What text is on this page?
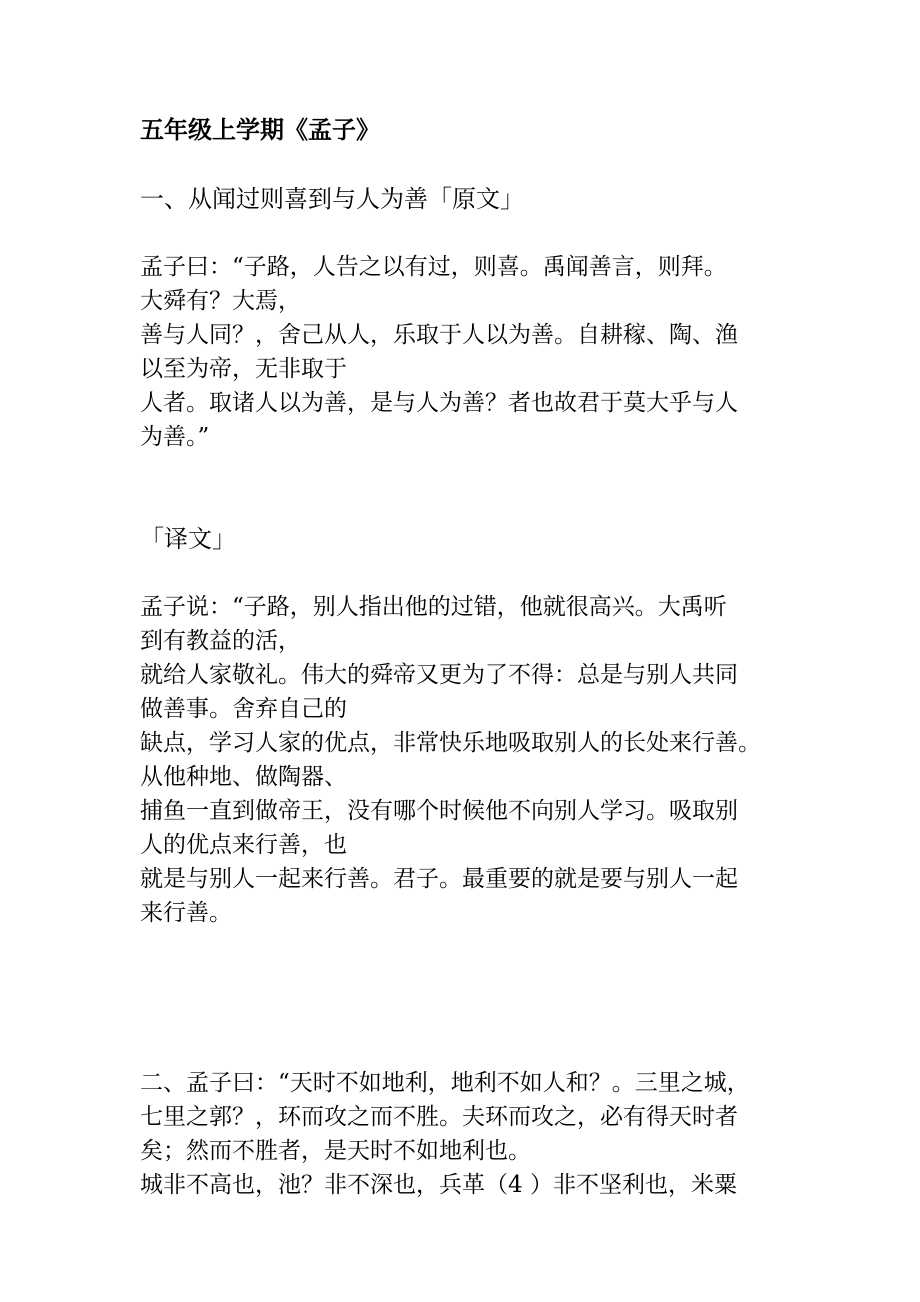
五年级上学期《孟子》
一、从闻过则喜到与人为善「原文」
孟子曰：“子路，人告之以有过，则喜。禹闻善言，则拜。
大舜有？大焉，
善与人同？，舍己从人，乐取于人以为善。自耕稼、陶、渔
以至为帝，无非取于
人者。取诸人以为善，是与人为善？者也故君于莫大乎与人
为善。”
「译文」
孟子说：“子路，别人指出他的过错，他就很高兴。大禹听
到有教益的活，
就给人家敬礼。伟大的舜帝又更为了不得：总是与别人共同
做善事。舍弃自己的
缺点，学习人家的优点，非常快乐地吸取别人的长处来行善。
从他种地、做陶器、
捕鱼一直到做帝王，没有哪个时候他不向别人学习。吸取别
人的优点来行善，也
就是与别人一起来行善。君子。最重要的就是要与别人一起
来行善。
二、孟子曰：“天时不如地利，地利不如人和？。三里之城，
七里之郭？，环而攻之而不胜。夫环而攻之，必有得天时者
矣；然而不胜者，是天时不如地利也。
城非不高也，池？非不深也，兵革（4 ）非不坚利也，米粟
